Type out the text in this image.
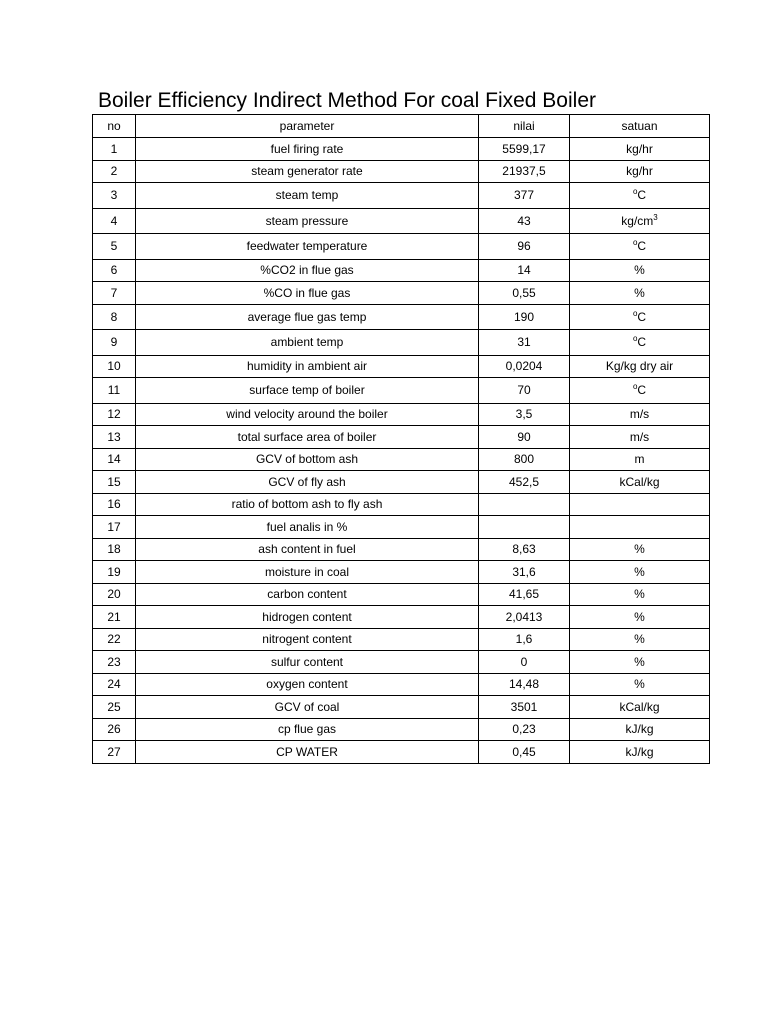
Boiler Efficiency Indirect Method For coal Fixed Boiler
no	parameter	nilai	satuan
1	fuel firing rate	5599,17	kg/hr
2	steam generator rate	21937,5	kg/hr
3	steam temp	377	$^o$C
4	steam pressure	43	$kg/cm^3$
5	feedwater temperature	96	$^o$C
6	%CO2 in flue gas	14	%
7	%CO in flue gas	0,55	%
8	average flue gas temp	190	$^o$C
9	ambient temp	31	$^o$C
10	humidity in ambient air	0,0204	Kg/kg dry air
11	surface temp of boiler	70	$^o$C
12	wind velocity around the boiler	3,5	m/s
13	total surface area of boiler	90	m/s
14	GCV of bottom ash	800	m
15	GCV of fly ash	452,5	kCal/kg
16	ratio of bottom ash to fly ash		
17	fuel analis in %		
18	ash content in fuel	8,63	%
19	moisture in coal	31,6	%
20	carbon content	41,65	%
21	hidrogen content	2,0413	%
22	nitrogent content	1,6	%
23	sulfur content	0	%
24	oxygen content	14,48	%
25	GCV of coal	3501	kCal/kg
26	cp flue gas	0,23	kJ/kg
27	CP WATER	0,45	kJ/kg
